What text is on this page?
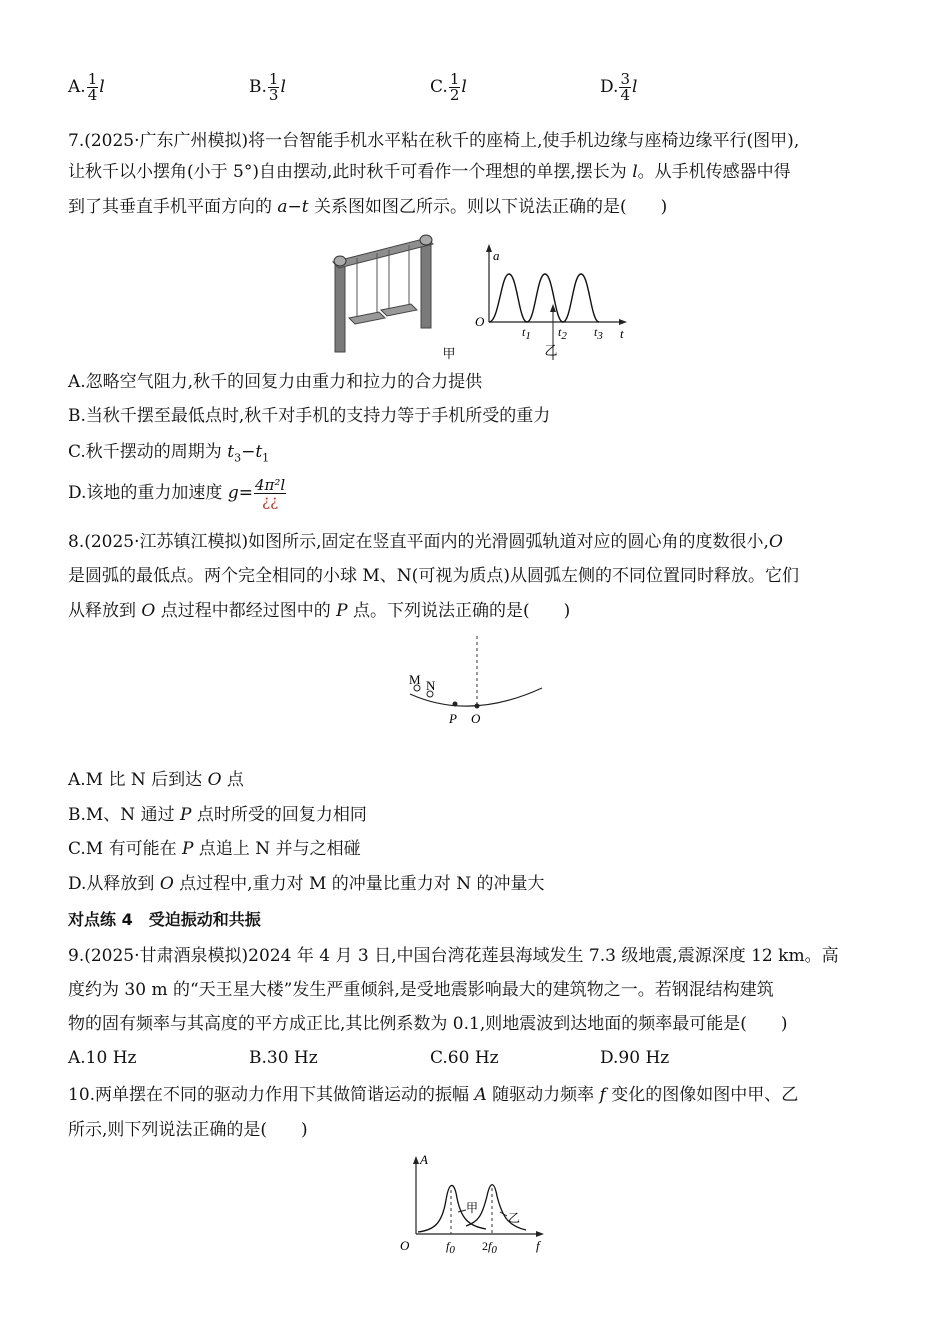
A. $\frac{1}{4}$ l	B. $\frac{1}{3}$ l	C. $\frac{1}{2}$ l	D. $\frac{3}{4}$ l
7.(2025·广东广州模拟)将一台智能手机水平粘在秋千的座椅上,使手机边缘与座椅边缘平行(图甲),
让秋千以小摆角(小于 5°)自由摆动,此时秋千可看作一个理想的单摆,摆长为 l。从手机传感器中得
到了其垂直手机平面方向的 a−t 关系图如图乙所示。则以下说法正确的是(　　)
甲
a
O
t
t1 t2 t3
乙
A.忽略空气阻力,秋千的回复力由重力和拉力的合力提供
B.当秋千摆至最低点时,秋千对手机的支持力等于手机所受的重力
C.秋千摆动的周期为 $t_3-t_1$
D.该地的重力加速度 $g= \frac{\text{4π²l}}{¿¿}$
8.(2025·江苏镇江模拟)如图所示,固定在竖直平面内的光滑圆弧轨道对应的圆心角的度数很小,O
是圆弧的最低点。两个完全相同的小球 M、N(可视为质点)从圆弧左侧的不同位置同时释放。它们
从释放到 O 点过程中都经过图中的 P 点。下列说法正确的是(　　)
M N
P O
A.M 比 N 后到达 O 点
B.M、N 通过 P 点时所受的回复力相同
C.M 有可能在 P 点追上 N 并与之相碰
D.从释放到 O 点过程中,重力对 M 的冲量比重力对 N 的冲量大
对点练 4　受迫振动和共振
9.(2025·甘肃酒泉模拟)2024 年 4 月 3 日,中国台湾花莲县海域发生 7.3 级地震,震源深度 12 km。高
度约为 30 m 的“天王星大楼”发生严重倾斜,是受地震影响最大的建筑物之一。若钢混结构建筑
物的固有频率与其高度的平方成正比,其比例系数为 0.1,则地震波到达地面的频率最可能是(　　)
A.10 Hz	B.30 Hz	C.60 Hz	D.90 Hz
10.两单摆在不同的驱动力作用下其做简谐运动的振幅 A 随驱动力频率 f 变化的图像如图中甲、乙
所示,则下列说法正确的是(　　)
A
O	f
甲
乙
f0 2f0
